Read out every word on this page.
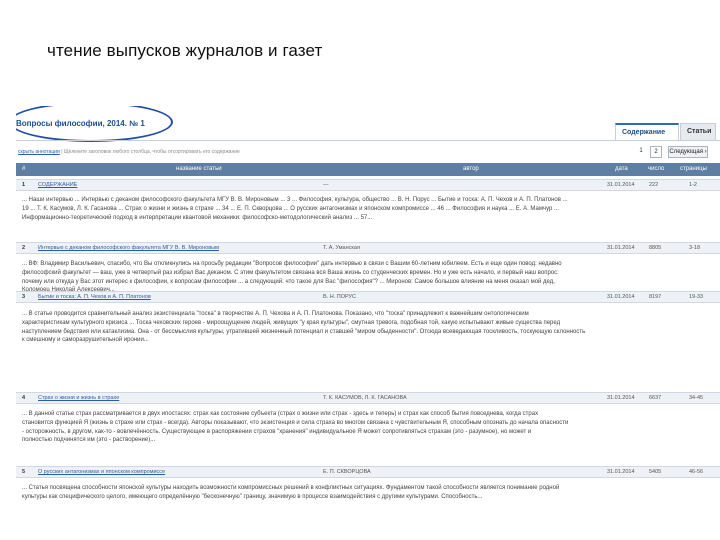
чтение выпусков журналов и газет
Вопросы философии, 2014. № 1
Содержание	Статьи
скрыть аннотации | Щёлкните заголовок любого столбца, чтобы отсортировать его содержание	1	2	Следующая ›
#	название статьи	автор	дата	число	страницы
1 СОДЕРЖАНИЕ	—	31.01.2014	222	1-2
... Наши интервью ... Интервью с деканом философского факультета МГУ В. В. Мироновым ... 3 ... Философия, культура, общество ... В. Н. Порус ... Бытие и тоска: А. П. Чехов и А. П. Платонов ...
19 ... Т. К. Касумов, Л. К. Гасанова ... Страх о жизни и жизнь в страхе ... 34 ... Е. П. Скворцова ... О русских антагонизмах и японском компромиссе ... 46 ... Философия и наука ... Е. А. Мамчур ...
Информационно-теоретический подход в интерпретации квантовой механики: философско-методологический анализ ... 57...
2 Интервью с деканом философского факультета МГУ В. В. Мироновым	Т. А. Уманская	31.01.2014	8805	3-18
... ВФ: Владимир Васильевич, спасибо, что Вы откликнулись на просьбу редакции "Вопросов философии" дать интервью в связи с Вашим 60-летним юбилеем. Есть и еще один повод: недавно
философский факультет — ваш, уже в четвертый раз избрал Вас деканом. С этим факультетом связана вся Ваша жизнь со студенческих времен. Но и уже есть начало, и первый наш вопрос:
почему или откуда у Вас этот интерес к философии, к вопросам философии ... а следующий: что такое для Вас "философия"? ... Миронов: Самое большое влияние на меня оказал мой дед,
3 Бытие и тоска: А. П. Чехов и А. П. Платонов	В. Н. ПОРУС	31.01.2014	8197	19-33
... В статье проводится сравнительный анализ экзистенциала "тоска" в творчестве А. П. Чехова и А. П. Платонова. Показано, что "тоска" принадлежит к важнейшим онтологическим
характеристикам культурного кризиса ... Тоска чеховских героев - мироощущение людей, живущих "у края культуры", смутная тревога, подобная той, какую испытывают живые существа перед
наступлением бедствия или катаклизма. Она - от бессмыслия культуры, утратившей жизненный потенциал и ставшей "миром обыденности". Отсюда всеведающая тоскливость, тоскующую склонность
к смешному и саморазрушительной иронии...
4 Страх о жизни и жизнь в страхе	Т. К. КАСУМОВ, Л. К. ГАСАНОВА	31.01.2014	6637	34-45
... В данной статье страх рассматривается в двух ипостасях: страх как состояние субъекта (страх о жизни или страх - здесь и теперь) и страх как способ бытия повседнева, когда страх
становится функцией Я (жизнь в страхе или страх - всегда). Авторы показывают, что экзистенция и сила страха во многом связана с чувствительным Я, способным опознать до начала опасности
- осторожность, в другом, как-то - вовлечённость. Существующее в распоряжении страхов "хранения" индивидуальное Я может сопротивляться страхам (это - разумное), но может и
полностью подчинятся им (это - растворение)...
5 О русских антагонизмах и японском компромиссе	Е. П. СКВОРЦОВА	31.01.2014	5405	46-56
... Статья посвящена способности японской культуры находить возможности компромиссных решений в конфликтных ситуациях. Фундаментом такой способности является понимание родной
культуры как специфического целого, имеющего определённую "бесконечную" границу, значимую в процессе взаимодействия с другими культурами. Способность...
